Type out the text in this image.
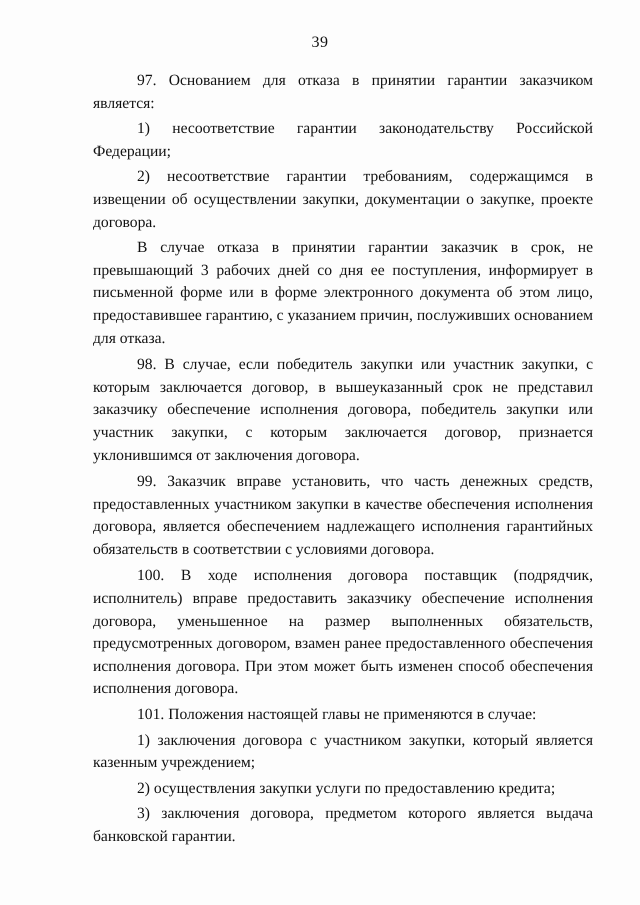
39

97. Основанием для отказа в принятии гарантии заказчиком является:

1) несоответствие гарантии законодательству Российской Федерации;

2) несоответствие гарантии требованиям, содержащимся в извещении об осуществлении закупки, документации о закупке, проекте договора.

В случае отказа в принятии гарантии заказчик в срок, не превышающий 3 рабочих дней со дня ее поступления, информирует в письменной форме или в форме электронного документа об этом лицо, предоставившее гарантию, с указанием причин, послуживших основанием для отказа.

98. В случае, если победитель закупки или участник закупки, с которым заключается договор, в вышеуказанный срок не представил заказчику обеспечение исполнения договора, победитель закупки или участник закупки, с которым заключается договор, признается уклонившимся от заключения договора.

99. Заказчик вправе установить, что часть денежных средств, предоставленных участником закупки в качестве обеспечения исполнения договора, является обеспечением надлежащего исполнения гарантийных обязательств в соответствии с условиями договора.

100. В ходе исполнения договора поставщик (подрядчик, исполнитель) вправе предоставить заказчику обеспечение исполнения договора, уменьшенное на размер выполненных обязательств, предусмотренных договором, взамен ранее предоставленного обеспечения исполнения договора. При этом может быть изменен способ обеспечения исполнения договора.

101. Положения настоящей главы не применяются в случае:

1) заключения договора с участником закупки, который является казенным учреждением;

2) осуществления закупки услуги по предоставлению кредита;

3) заключения договора, предметом которого является выдача банковской гарантии.
